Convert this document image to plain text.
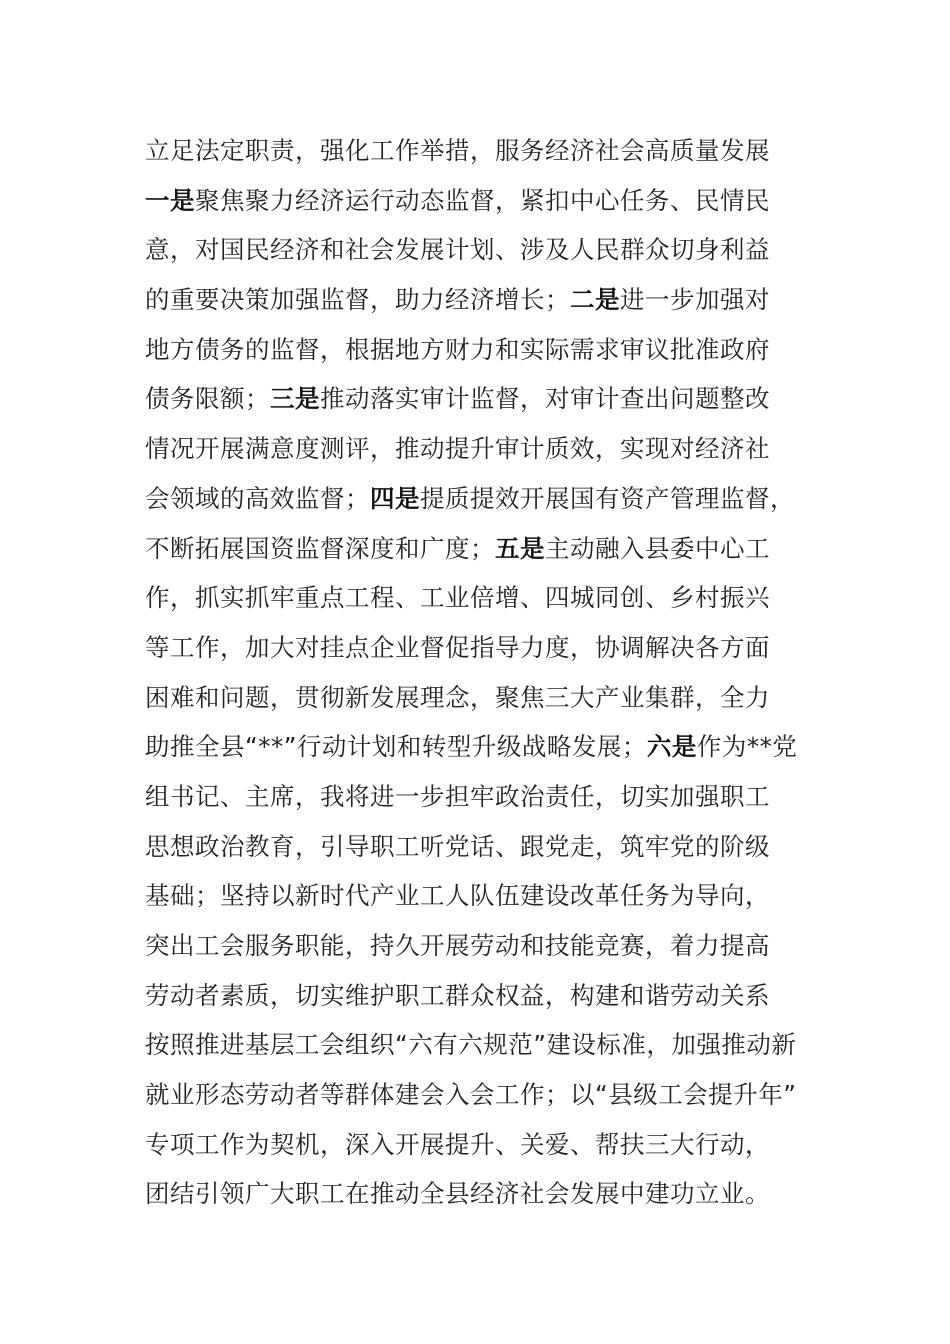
立足法定职责，强化工作举措，服务经济社会高质量发展
一是聚焦聚力经济运行动态监督，紧扣中心任务、民情民
意，对国民经济和社会发展计划、涉及人民群众切身利益
的重要决策加强监督，助力经济增长；二是进一步加强对
地方债务的监督，根据地方财力和实际需求审议批准政府
债务限额；三是推动落实审计监督，对审计查出问题整改
情况开展满意度测评，推动提升审计质效，实现对经济社
会领域的高效监督；四是提质提效开展国有资产管理监督，
不断拓展国资监督深度和广度；五是主动融入县委中心工
作，抓实抓牢重点工程、工业倍增、四城同创、乡村振兴
等工作，加大对挂点企业督促指导力度，协调解决各方面
困难和问题，贯彻新发展理念，聚焦三大产业集群，全力
助推全县“**”行动计划和转型升级战略发展；六是作为**党
组书记、主席，我将进一步担牢政治责任，切实加强职工
思想政治教育，引导职工听党话、跟党走，筑牢党的阶级
基础；坚持以新时代产业工人队伍建设改革任务为导向，
突出工会服务职能，持久开展劳动和技能竞赛，着力提高
劳动者素质，切实维护职工群众权益，构建和谐劳动关系
按照推进基层工会组织“六有六规范”建设标准，加强推动新
就业形态劳动者等群体建会入会工作；以“县级工会提升年”
专项工作为契机，深入开展提升、关爱、帮扶三大行动，
团结引领广大职工在推动全县经济社会发展中建功立业。
